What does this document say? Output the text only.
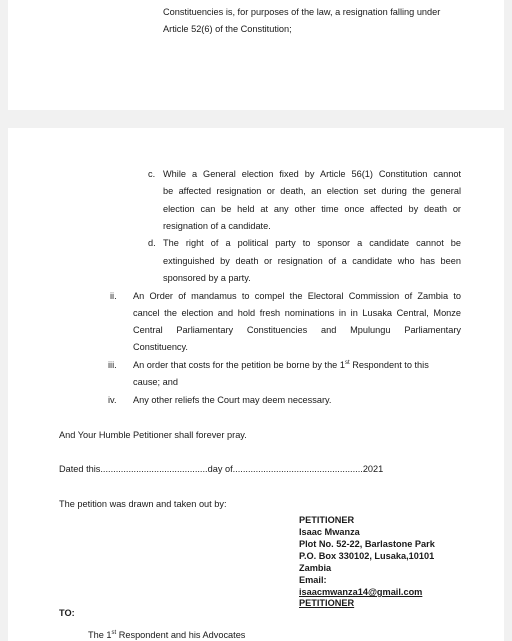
Constituencies is, for purposes of the law, a resignation falling under
Article 52(6) of the Constitution;
c. While a General election fixed by Article 56(1) Constitution cannot
be affected resignation or death, an election set during the general
election can be held at any other time once affected by death or
resignation of a candidate.
d. The right of a political party to sponsor a candidate cannot be
extinguished by death or resignation of a candidate who has been
sponsored by a party.
ii. An Order of mandamus to compel the Electoral Commission of Zambia to
cancel the election and hold fresh nominations in in Lusaka Central, Monze
Central Parliamentary Constituencies and Mpulungu Parliamentary
Constituency.
iii. An order that costs for the petition be borne by the 1st Respondent to this
cause; and
iv. Any other reliefs the Court may deem necessary.
And Your Humble Petitioner shall forever pray.
Dated this..........................................day of...................................................2021
The petition was drawn and taken out by:
PETITIONER
Isaac Mwanza
Plot No. 52-22, Barlastone Park
P.O. Box 330102, Lusaka,10101
Zambia
Email:
isaacmwanza14@gmail.com
PETITIONER
TO:
The 1st Respondent and his Advocates
